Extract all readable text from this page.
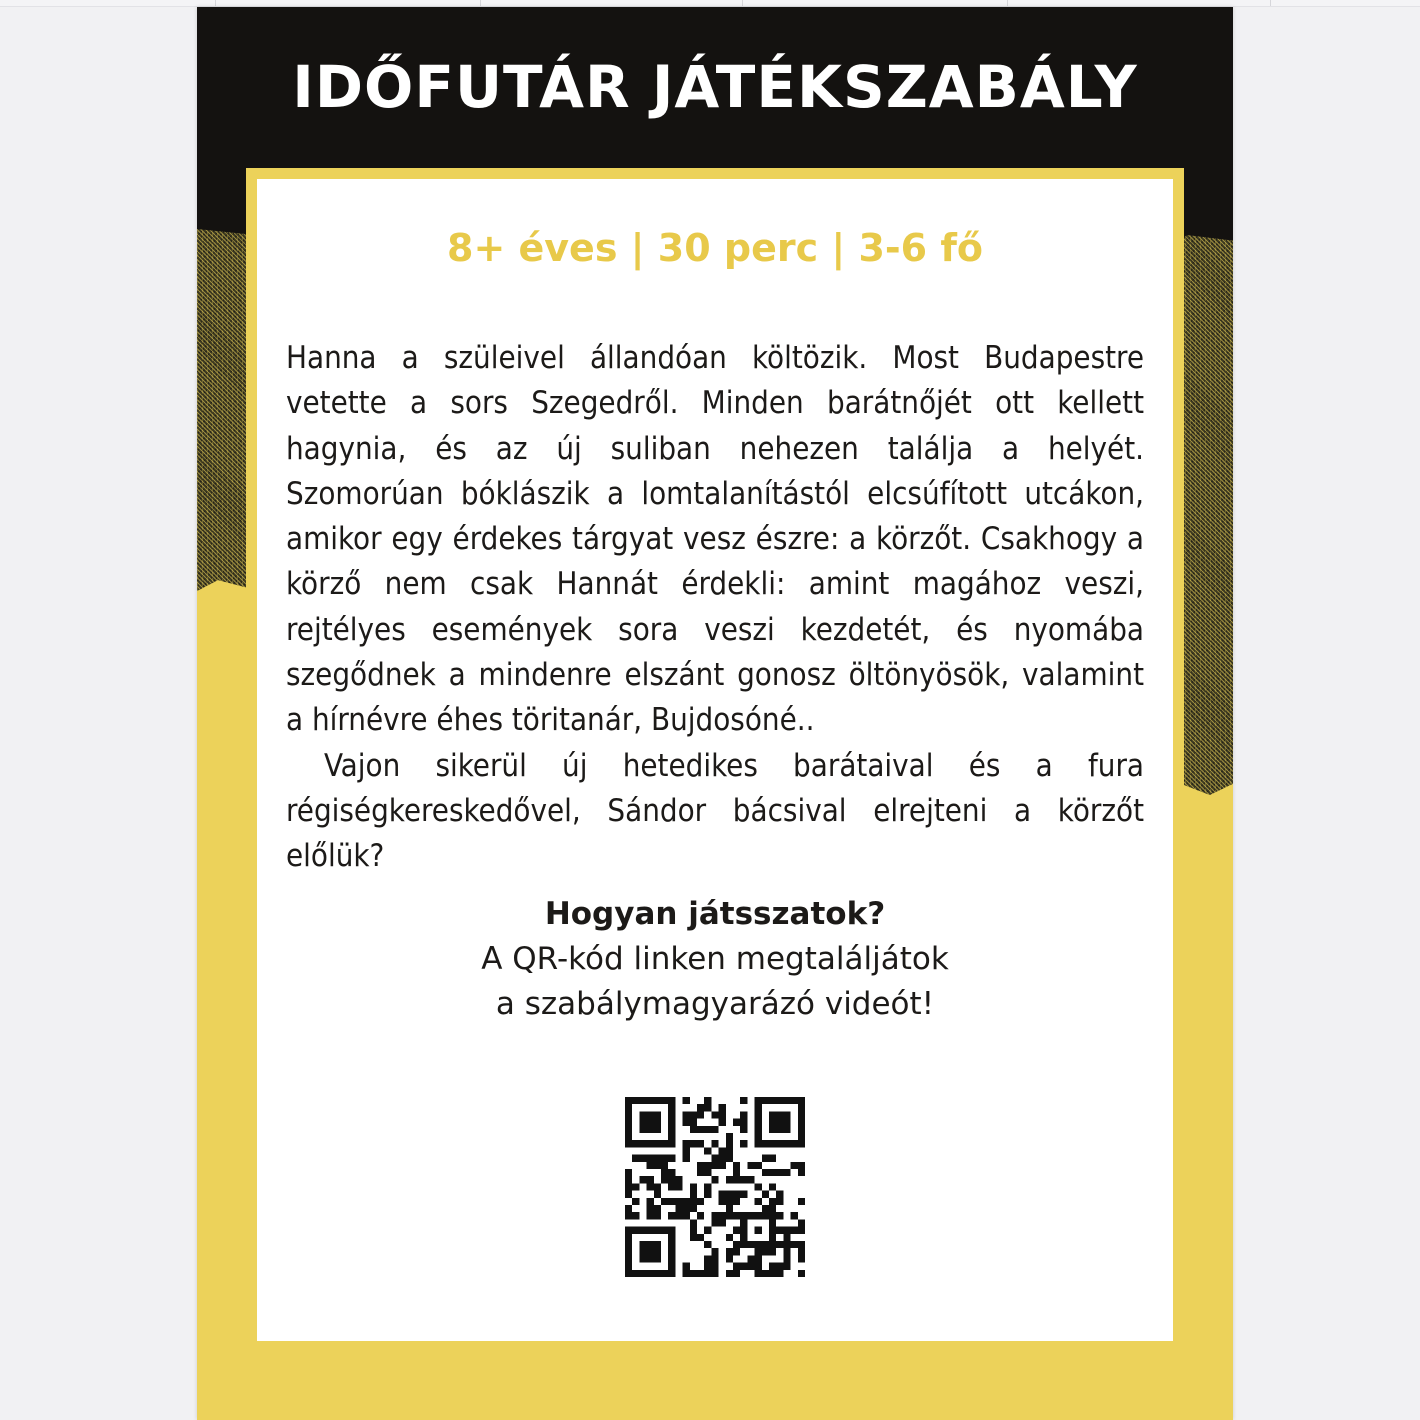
IDŐFUTÁR JÁTÉKSZABÁLY
8+ éves | 30 perc | 3-6 fő

Hanna a szüleivel állandóan költözik. Most Budapestre vetette a sors Szegedről. Minden barátnőjét ott kellett hagynia, és az új suliban nehezen találja a helyét. Szomorúan bóklászik a lomtalanítástól elcsúfított utcákon, amikor egy érdekes tárgyat vesz észre: a körzőt. Csakhogy a körző nem csak Hannát érdekli: amint magához veszi, rejtélyes események sora veszi kezdetét, és nyomába szegődnek a mindenre elszánt gonosz öltönyösök, valamint a hírnévre éhes töritanár, Bujdosóné..

Vajon sikerül új hetedikes barátaival és a fura régiségkereskedővel, Sándor bácsival elrejteni a körzőt előlük?

Hogyan játsszatok?
A QR-kód linken megtaláljátok
a szabálymagyarázó videót!
